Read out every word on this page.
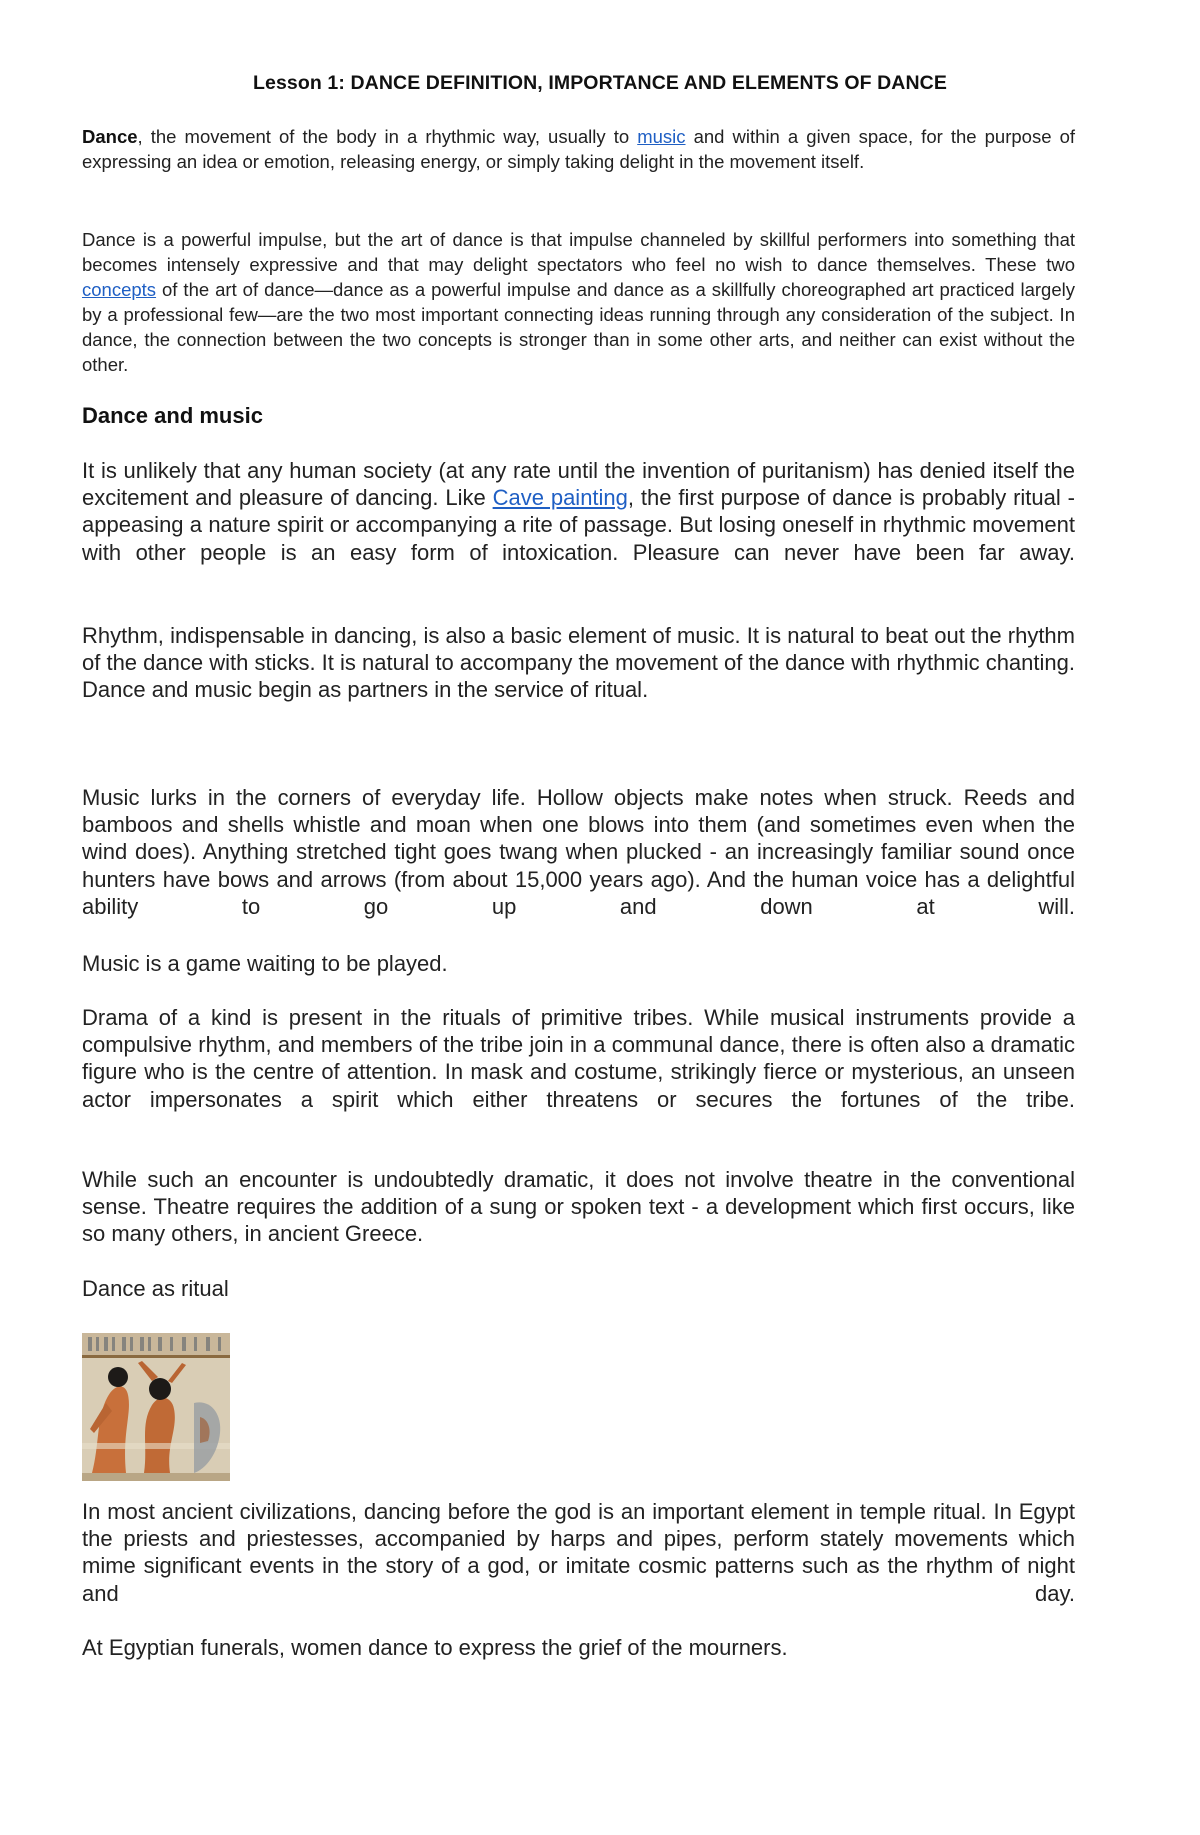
Lesson 1: DANCE DEFINITION, IMPORTANCE AND ELEMENTS OF DANCE

Dance, the movement of the body in a rhythmic way, usually to music and within a given space, for the purpose of expressing an idea or emotion, releasing energy, or simply taking delight in the movement itself.

Dance is a powerful impulse, but the art of dance is that impulse channeled by skillful performers into something that becomes intensely expressive and that may delight spectators who feel no wish to dance themselves. These two concepts of the art of dance—dance as a powerful impulse and dance as a skillfully choreographed art practiced largely by a professional few—are the two most important connecting ideas running through any consideration of the subject. In dance, the connection between the two concepts is stronger than in some other arts, and neither can exist without the other.

Dance and music

It is unlikely that any human society (at any rate until the invention of puritanism) has denied itself the excitement and pleasure of dancing. Like Cave painting, the first purpose of dance is probably ritual - appeasing a nature spirit or accompanying a rite of passage. But losing oneself in rhythmic movement with other people is an easy form of intoxication. Pleasure can never have been far away.

Rhythm, indispensable in dancing, is also a basic element of music. It is natural to beat out the rhythm of the dance with sticks. It is natural to accompany the movement of the dance with rhythmic chanting. Dance and music begin as partners in the service of ritual.

Music lurks in the corners of everyday life. Hollow objects make notes when struck. Reeds and bamboos and shells whistle and moan when one blows into them (and sometimes even when the wind does). Anything stretched tight goes twang when plucked - an increasingly familiar sound once hunters have bows and arrows (from about 15,000 years ago). And the human voice has a delightful ability to go up and down at will.

Music is a game waiting to be played.

Drama of a kind is present in the rituals of primitive tribes. While musical instruments provide a compulsive rhythm, and members of the tribe join in a communal dance, there is often also a dramatic figure who is the centre of attention. In mask and costume, strikingly fierce or mysterious, an unseen actor impersonates a spirit which either threatens or secures the fortunes of the tribe.

While such an encounter is undoubtedly dramatic, it does not involve theatre in the conventional sense. Theatre requires the addition of a sung or spoken text - a development which first occurs, like so many others, in ancient Greece.

Dance as ritual

In most ancient civilizations, dancing before the god is an important element in temple ritual. In Egypt the priests and priestesses, accompanied by harps and pipes, perform stately movements which mime significant events in the story of a god, or imitate cosmic patterns such as the rhythm of night and day.

At Egyptian funerals, women dance to express the grief of the mourners.
